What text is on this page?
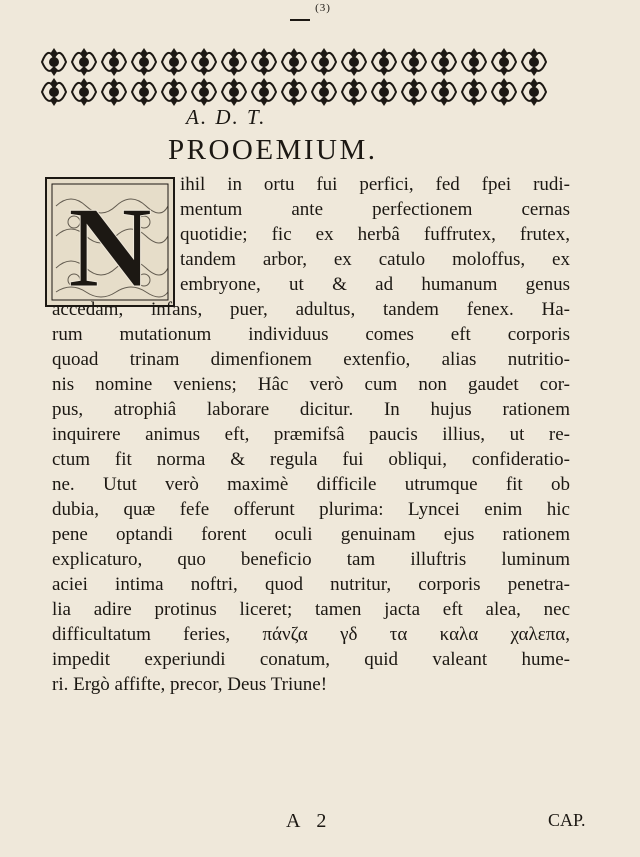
(3)
A. D. T.
PROOEMIUM.
N ihil in ortu fui perfici, fed fpei rudi-
mentum ante perfectionem cernas
quotidie; fic ex herbâ fuffrutex, frutex,
tandem arbor, ex catulo moloffus, ex
embryone, ut & ad humanum genus
accedam, infans, puer, adultus, tandem fenex. Ha-
rum mutationum individuus comes eft corporis
quoad trinam dimenfionem extenfio, alias nutritio-
nis nomine veniens; Hâc verò cum non gaudet cor-
pus, atrophiâ laborare dicitur. In hujus rationem
inquirere animus eft, præmifsâ paucis illius, ut re-
ctum fit norma & regula fui obliqui, confideratio-
ne. Utut verò maximè difficile utrumque fit ob
dubia, quæ fefe offerunt plurima: Lyncei enim hic
pene optandi forent oculi genuinam ejus rationem
explicaturo, quo beneficio tam illuftris luminum
aciei intima noftri, quod nutritur, corporis penetra-
lia adire protinus liceret; tamen jacta eft alea, nec
difficultatum feries, πάνζα γδ τα καλα χαλεπα,
impedit experiundi conatum, quid valeant hume-
ri. Ergò affifte, precor, Deus Triune!
A 2	CAP.
